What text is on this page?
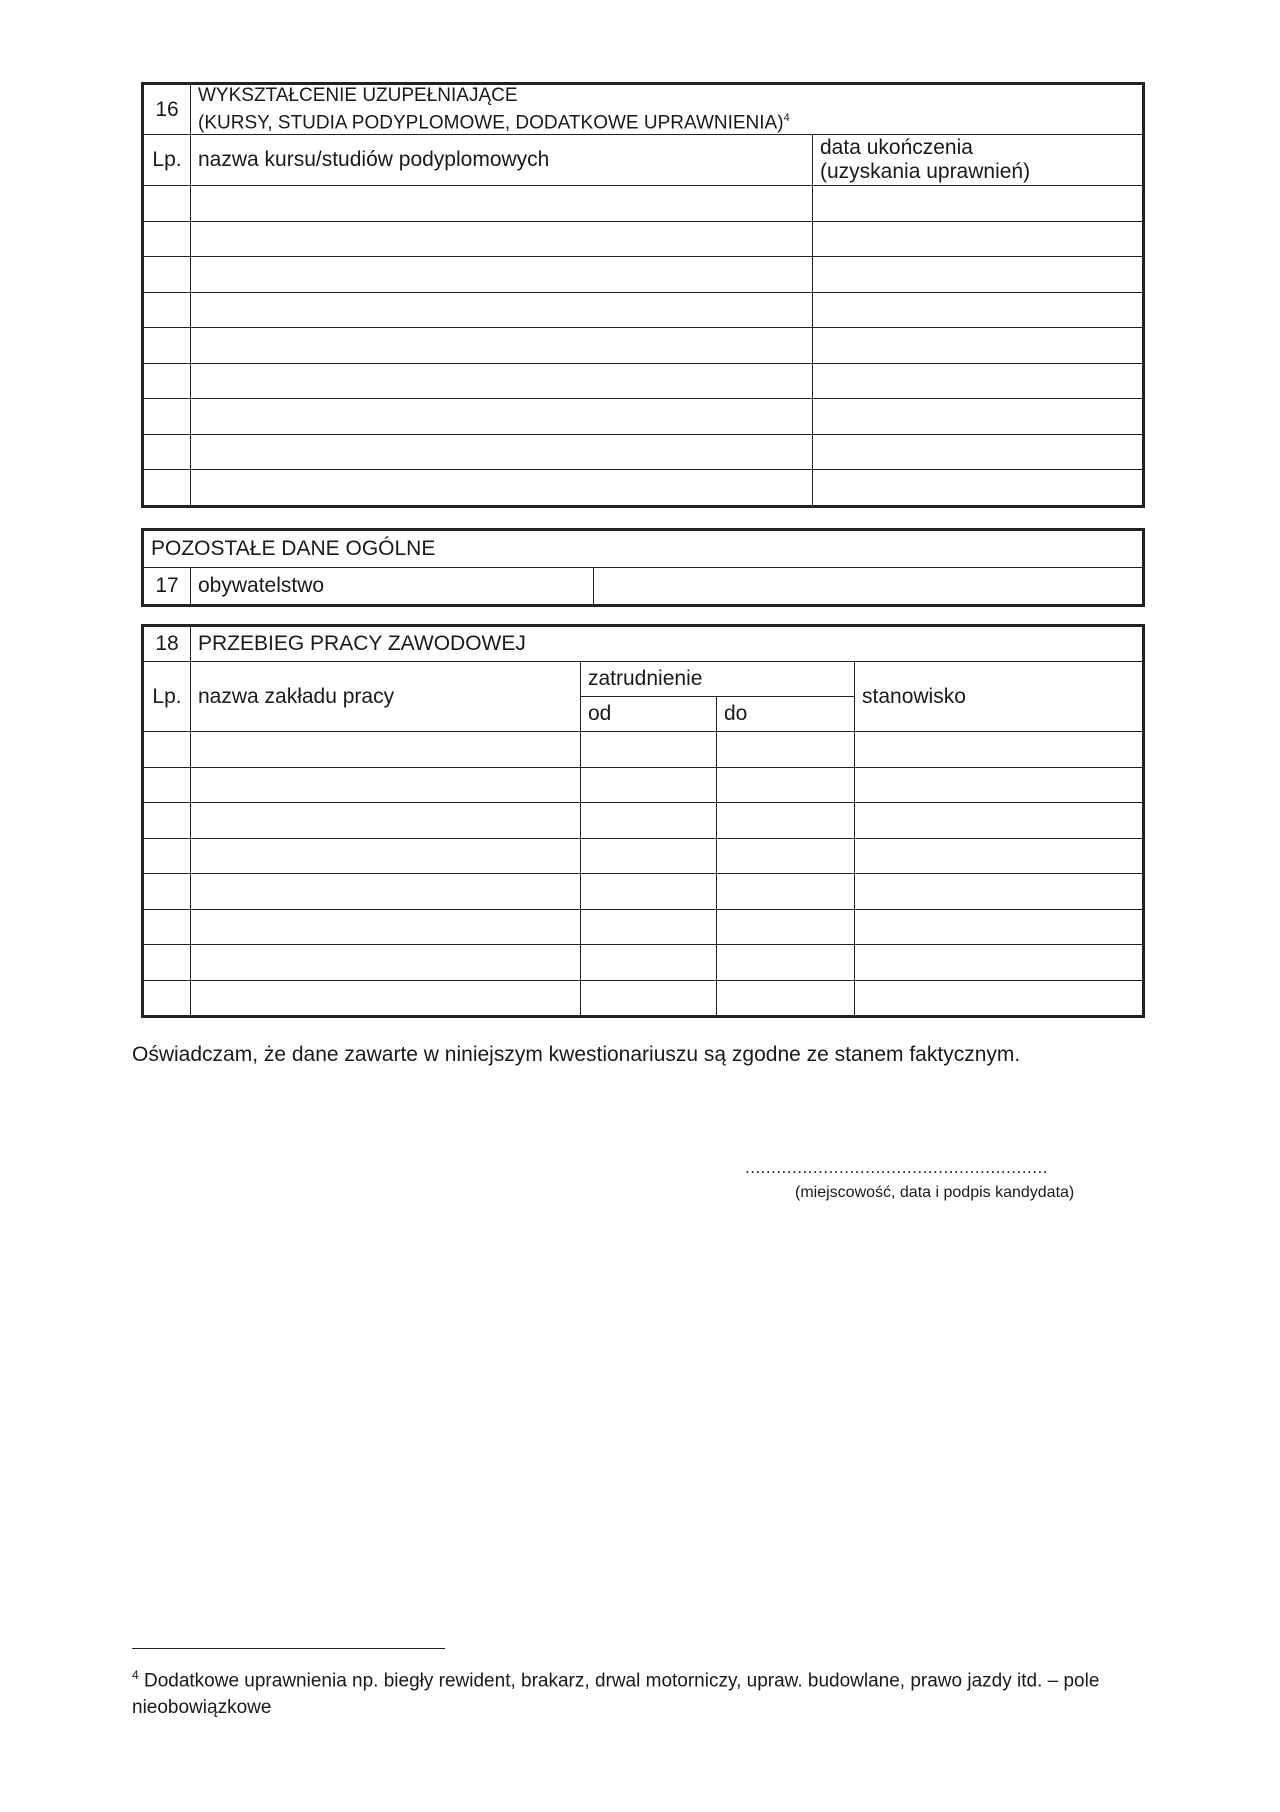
16	WYKSZTAŁCENIE UZUPEŁNIAJĄCE
(KURSY, STUDIA PODYPLOMOWE, DODATKOWE UPRAWNIENIA)$^4$

Lp.	nazwa kursu/studiów podyplomowych	data ukończenia
(uzyskania uprawnień)

POZOSTAŁE DANE OGÓLNE
17	obywatelstwo	
18	PRZEBIEG PRACY ZAWODOWEJ			
Lp.	nazwa zakładu pracy	zatrudnienie		stanowisko
		od	do	

Oświadczam, że dane zawarte w niniejszym kwestionariuszu są zgodne ze stanem faktycznym.
..........................................................
(miejscowość, data i podpis kandydata)
$^4$ Dodatkowe uprawnienia np. biegły rewident, brakarz, drwal motorniczy, upraw. budowlane, prawo jazdy itd. – pole nieobowiązkowe
